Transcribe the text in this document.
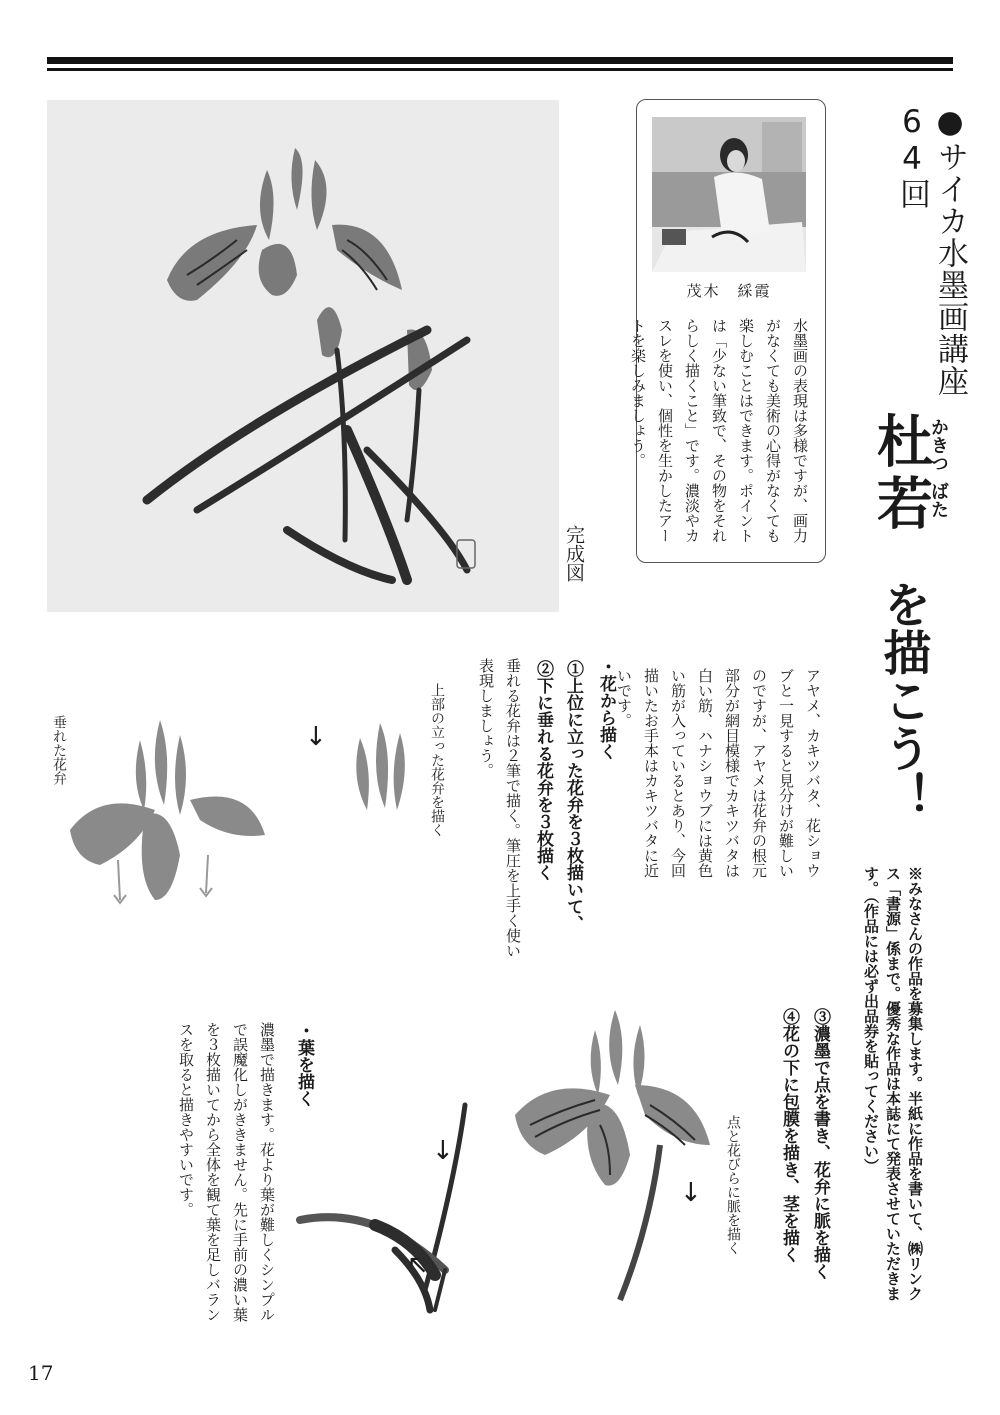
●サイカ水墨画講座64回
杜
かきつ
若
ばた
を描こう！
茂木　綵霞
水墨画の表現は多様ですが、画力がなくても美術の心得がなくても楽しむことはできます。ポイントは「少ない筆致で、その物をそれらしく描くこと」です。濃淡やカスレを使い、個性を生かしたアートを楽しみましょう。
完成図
アヤメ、カキツバタ、花ショウブと一見すると見分けが難しいのですが、アヤメは花弁の根元部分が網目模様でカキツバタは白い筋、ハナショウブには黄色い筋が入っているとあり、今回描いたお手本はカキツバタに近いです。
・花から描く
①上位に立った花弁を３枚描いて、
②下に垂れる花弁を３枚描く
垂れる花弁は２筆で描く。筆圧を上手く使い表現しましょう。
上部の立った花弁を描く
垂れた花弁	↓
③濃墨で点を書き、花弁に脈を描く
④花の下に包膜を描き、茎を描く
点と花びらに脈を描く
↓
・葉を描く
濃墨で描きます。花より葉が難しくシンプルで誤魔化しがききません。先に手前の濃い葉を３枚描いてから全体を観て葉を足しバランスを取ると描きやすいです。	↓
↖	※みなさんの作品を募集します。半紙に作品を書いて、㈱リンクス「書源」係まで。優秀な作品は本誌にて発表させていただきます。（作品には必ず出品券を貼ってください）
17
